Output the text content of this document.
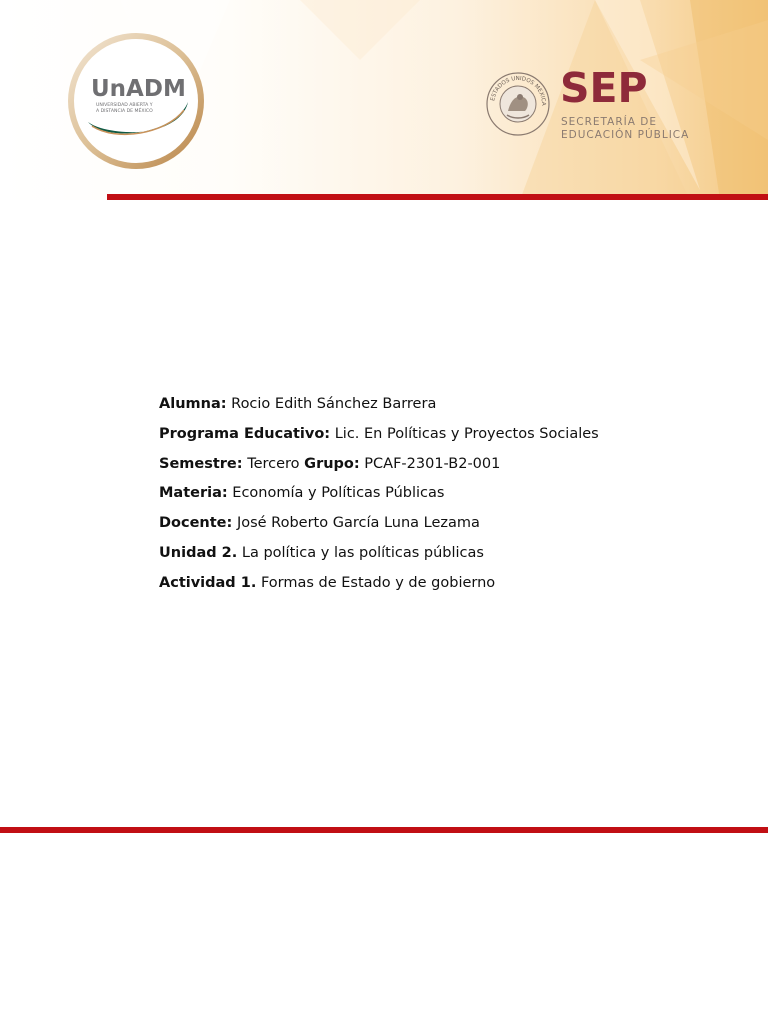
UnADM
UNIVERSIDAD ABIERTA Y
A DISTANCIA DE MÉXICO
ESTADOS UNIDOS MEXICA SEP
SECRETARÍA DE
EDUCACIÓN PÚBLICA
Alumna: Rocio Edith Sánchez Barrera
Programa Educativo: Lic. En Políticas y Proyectos Sociales
Semestre: Tercero Grupo: PCAF-2301-B2-001
Materia: Economía y Políticas Públicas
Docente: José Roberto García Luna Lezama
Unidad 2. La política y las políticas públicas
Actividad 1. Formas de Estado y de gobierno
